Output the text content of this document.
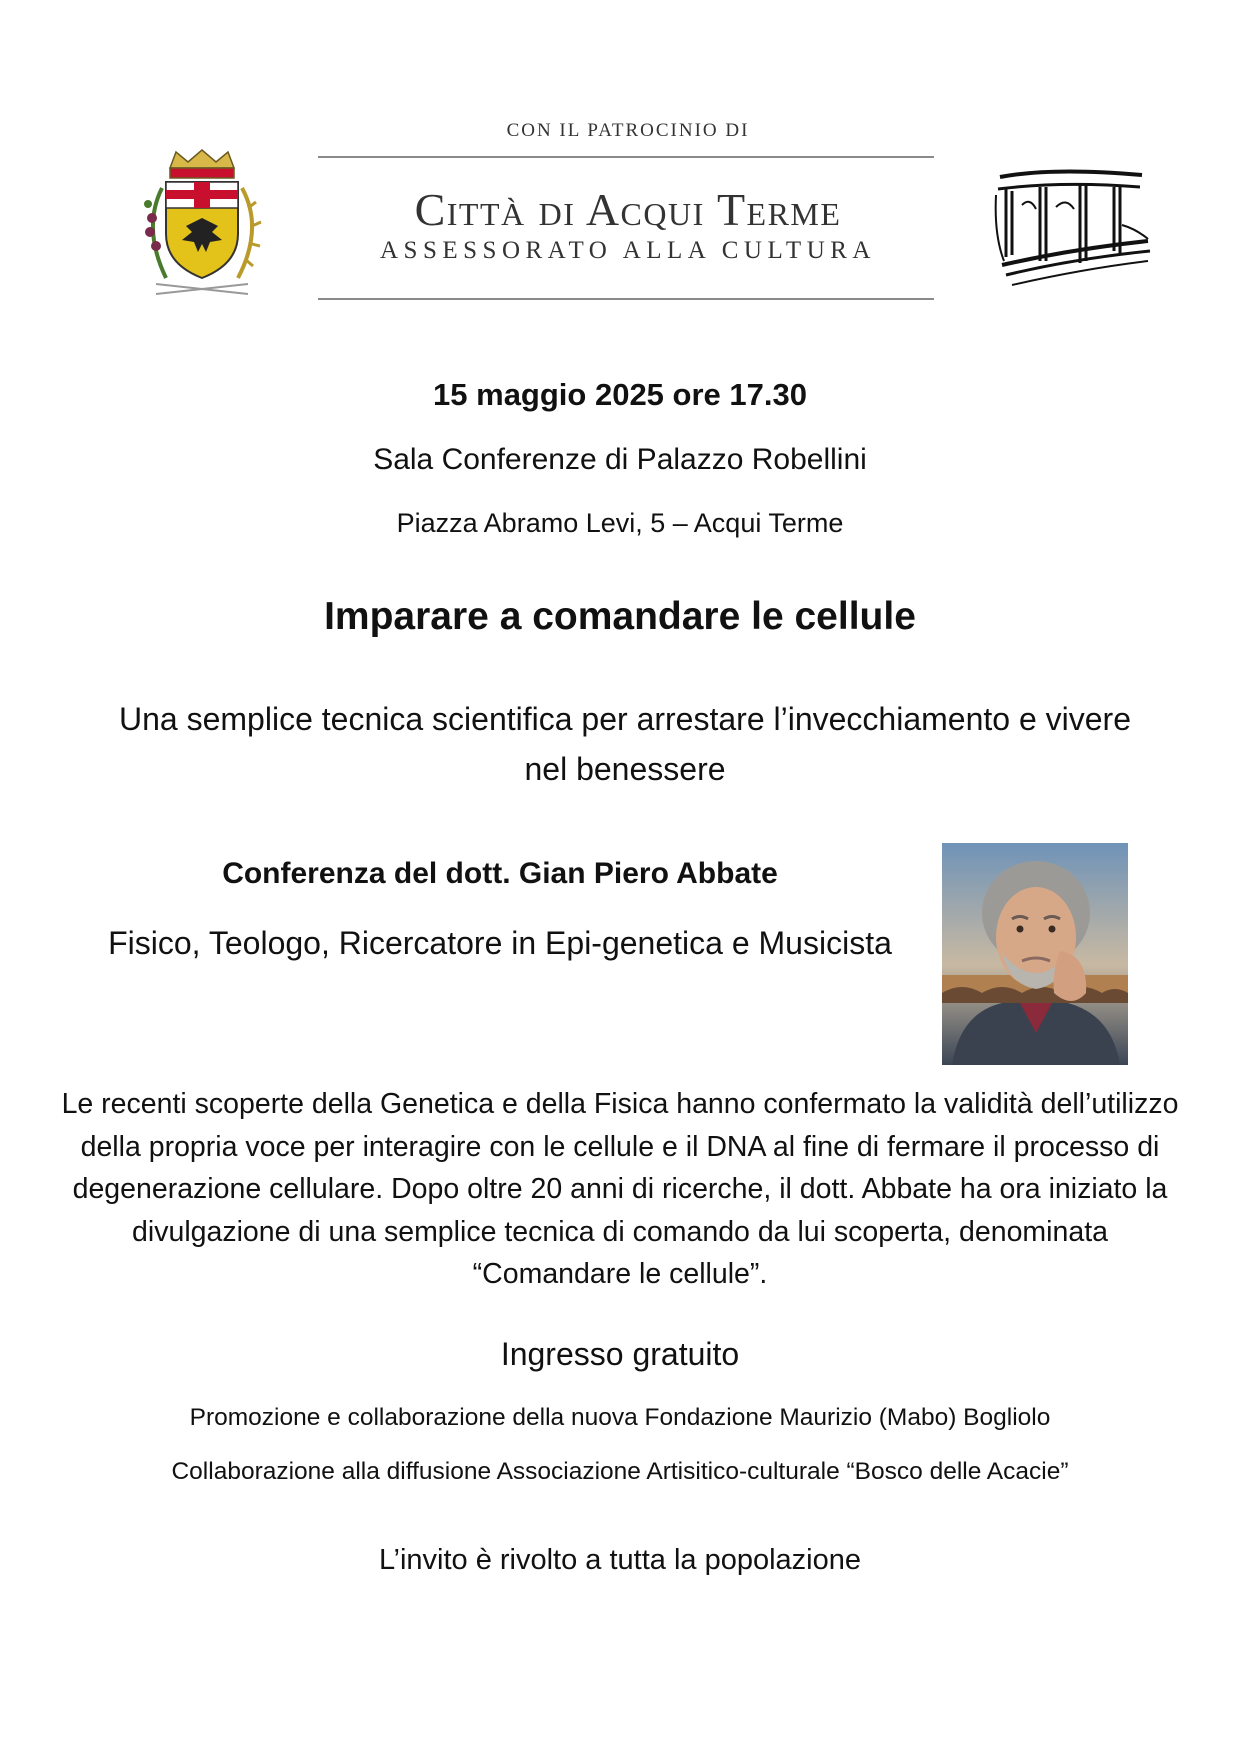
CON IL PATROCINIO DI
Città di Acqui Terme
ASSESSORATO ALLA CULTURA
15 maggio 2025 ore 17.30
Sala Conferenze di Palazzo Robellini
Piazza Abramo Levi, 5 – Acqui Terme
Imparare a comandare le cellule
Una semplice tecnica scientifica per arrestare l’invecchiamento e vivere nel benessere
Conferenza del dott. Gian Piero Abbate
Fisico, Teologo, Ricercatore in Epi-genetica e Musicista
Le recenti scoperte della Genetica e della Fisica hanno confermato la validità dell’utilizzo della propria voce per interagire con le cellule e il DNA al fine di fermare il processo di degenerazione cellulare. Dopo oltre 20 anni di ricerche, il dott. Abbate ha ora iniziato la divulgazione di una semplice tecnica di comando da lui scoperta, denominata “Comandare le cellule”.
Ingresso gratuito
Promozione e collaborazione della nuova Fondazione Maurizio (Mabo) Bogliolo
Collaborazione alla diffusione Associazione Artisitico-culturale “Bosco delle Acacie”
L’invito è rivolto a tutta la popolazione
